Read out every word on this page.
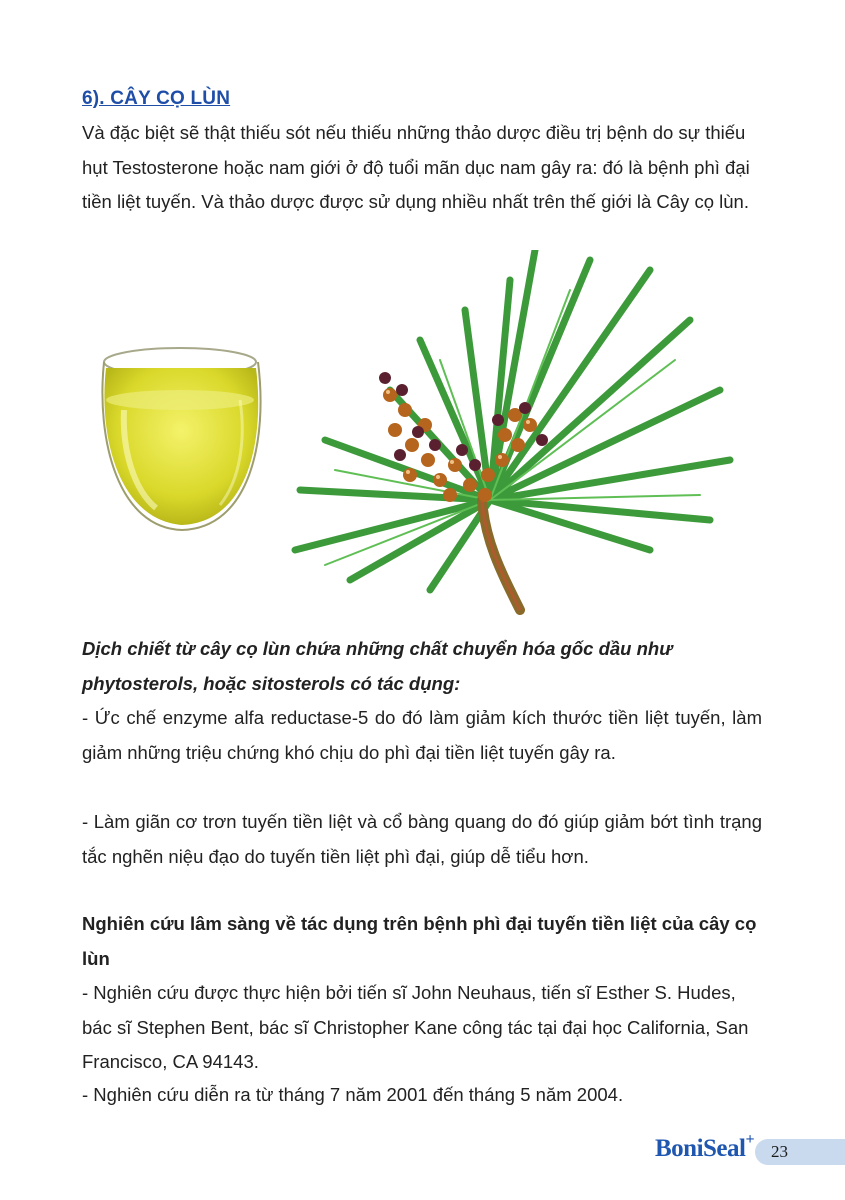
6). CÂY CỌ LÙN

Và đặc biệt sẽ thật thiếu sót nếu thiếu những thảo dược điều trị bệnh do sự thiếu hụt Testosterone hoặc nam giới ở độ tuổi mãn dục nam gây ra: đó là bệnh phì đại tiền liệt tuyến. Và thảo dược được sử dụng nhiều nhất trên thế giới là Cây cọ lùn.

Dịch chiết từ cây cọ lùn chứa những chất chuyển hóa gốc dầu như phytosterols, hoặc sitosterols có tác dụng:

- Ức chế enzyme alfa reductase-5 do đó làm giảm kích thước tiền liệt tuyến, làm giảm những triệu chứng khó chịu do phì đại tiền liệt tuyến gây ra.

- Làm giãn cơ trơn tuyến tiền liệt và cổ bàng quang do đó giúp giảm bớt tình trạng tắc nghẽn niệu đạo do tuyến tiền liệt phì đại, giúp dễ tiểu hơn.

Nghiên cứu lâm sàng về tác dụng trên bệnh phì đại tuyến tiền liệt của cây cọ lùn

- Nghiên cứu được thực hiện bởi tiến sĩ John Neuhaus, tiến sĩ Esther S. Hudes, bác sĩ Stephen Bent, bác sĩ Christopher Kane công tác tại đại học California, San Francisco, CA 94143.

- Nghiên cứu diễn ra từ tháng 7 năm 2001 đến tháng 5 năm 2004.

BoniSeal+
23
